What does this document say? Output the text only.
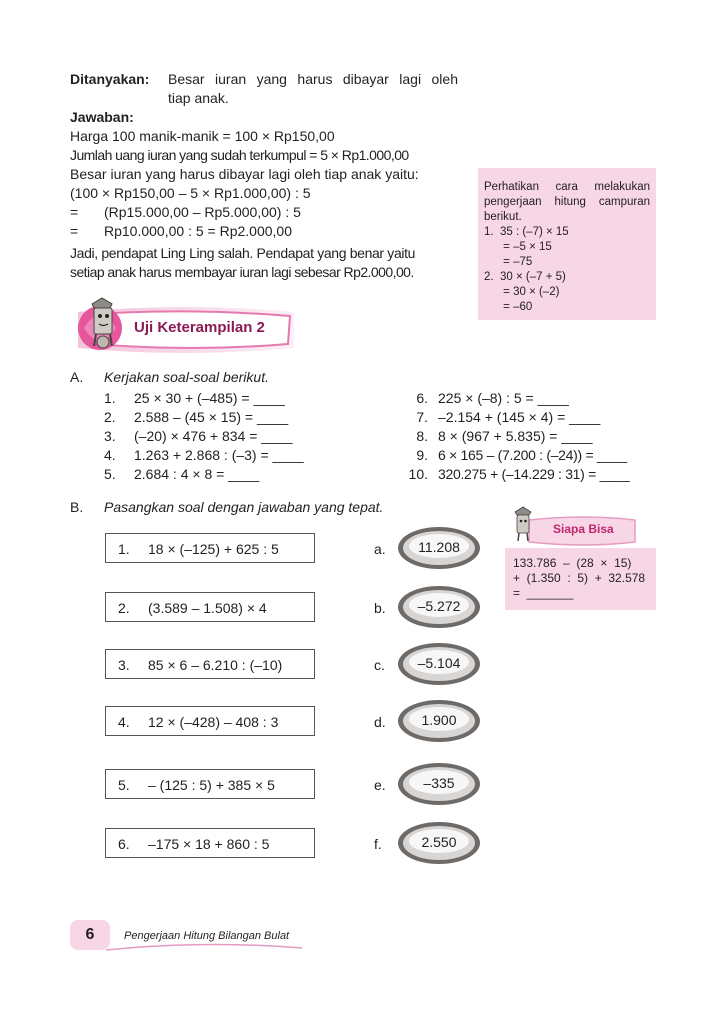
Ditanyakan: Besar iuran yang harus dibayar lagi oleh
tiap anak.
Jawaban:
Harga 100 manik-manik = 100 × Rp150,00
Jumlah uang iuran yang sudah terkumpul = 5 × Rp1.000,00
Besar iuran yang harus dibayar lagi oleh tiap anak yaitu:
(100 × Rp150,00 – 5 × Rp1.000,00) : 5
= (Rp15.000,00 – Rp5.000,00) : 5
= Rp10.000,00 : 5 = Rp2.000,00
Jadi, pendapat Ling Ling salah. Pendapat yang benar yaitu
setiap anak harus membayar iuran lagi sebesar Rp2.000,00.
Perhatikan cara melakukan
pengerjaan hitung campuran
berikut.
1.  35 : (–7) × 15
= –5 × 15
= –75
2.  30 × (–7 + 5)
= 30 × (–2)
= –60
Uji Keterampilan 2
A. Kerjakan soal-soal berikut.
1. 25 × 30 + (–485) = ____
2. 2.588 – (45 × 15) = ____
3. (–20) × 476 + 834 = ____
4. 1.263 + 2.868 : (–3) = ____
5. 2.684 : 4 × 8 = ____
6. 225 × (–8) : 5 = ____
7. –2.154 + (145 × 4) = ____
8. 8 × (967 + 5.835) = ____
9. 6 × 165 – (7.200 : (–24)) = ____
10. 320.275 + (–14.229 : 31) = ____
B. Pasangkan soal dengan jawaban yang tepat.
1. 18 × (–125) + 625 : 5
2. (3.589 – 1.508) × 4
3. 85 × 6 – 6.210 : (–10)
4. 12 × (–428) – 408 : 3
5. – (125 : 5) + 385 × 5
6. –175 × 18 + 860 : 5
a.
b.
c.
d.
e.
f.
11.208
–5.272
–5.104
1.900
–335
2.550
Siapa Bisa
133.786  –  (28  ×  15)
+  (1.350  :  5)  +  32.578
=  _______
6	Pengerjaan Hitung Bilangan Bulat
